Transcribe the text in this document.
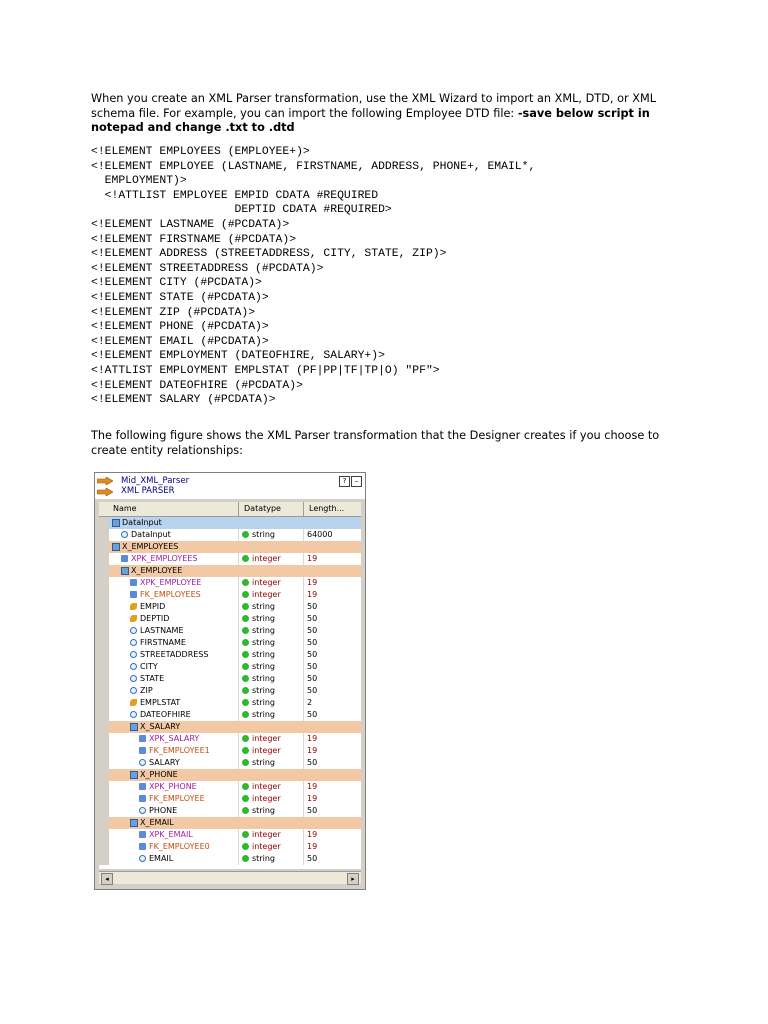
When you create an XML Parser transformation, use the XML Wizard to import an XML, DTD, or XML schema file. For example, you can import the following Employee DTD file: -save below script in notepad and change .txt to .dtd
<!ELEMENT EMPLOYEES (EMPLOYEE+)>
<!ELEMENT EMPLOYEE (LASTNAME, FIRSTNAME, ADDRESS, PHONE+, EMAIL*,
EMPLOYMENT)>
<!ATTLIST EMPLOYEE EMPID CDATA #REQUIRED
DEPTID CDATA #REQUIRED>
<!ELEMENT LASTNAME (#PCDATA)>
<!ELEMENT FIRSTNAME (#PCDATA)>
<!ELEMENT ADDRESS (STREETADDRESS, CITY, STATE, ZIP)>
<!ELEMENT STREETADDRESS (#PCDATA)>
<!ELEMENT CITY (#PCDATA)>
<!ELEMENT STATE (#PCDATA)>
<!ELEMENT ZIP (#PCDATA)>
<!ELEMENT PHONE (#PCDATA)>
<!ELEMENT EMAIL (#PCDATA)>
<!ELEMENT EMPLOYMENT (DATEOFHIRE, SALARY+)>
<!ATTLIST EMPLOYMENT EMPLSTAT (PF|PP|TF|TP|O) "PF">
<!ELEMENT DATEOFHIRE (#PCDATA)>
<!ELEMENT SALARY (#PCDATA)>
The following figure shows the XML Parser transformation that the Designer creates if you choose to create entity relationships:
Mid_XML_Parser
XML PARSER
?	–
Name	Datatype	Length...
DataInput
DataInput	string	64000
X_EMPLOYEES
XPK_EMPLOYEES	integer	19
X_EMPLOYEE
XPK_EMPLOYEE	integer	19
FK_EMPLOYEES	integer	19
EMPID	string	50
DEPTID	string	50
LASTNAME	string	50
FIRSTNAME	string	50
STREETADDRESS	string	50
CITY	string	50
STATE	string	50
ZIP	string	50
EMPLSTAT	string	2
DATEOFHIRE	string	50
X_SALARY
XPK_SALARY	integer	19
FK_EMPLOYEE1	integer	19
SALARY	string	50
X_PHONE
XPK_PHONE	integer	19
FK_EMPLOYEE	integer	19
PHONE	string	50
X_EMAIL
XPK_EMAIL	integer	19
FK_EMPLOYEE0	integer	19
EMAIL	string	50
◂	▸
